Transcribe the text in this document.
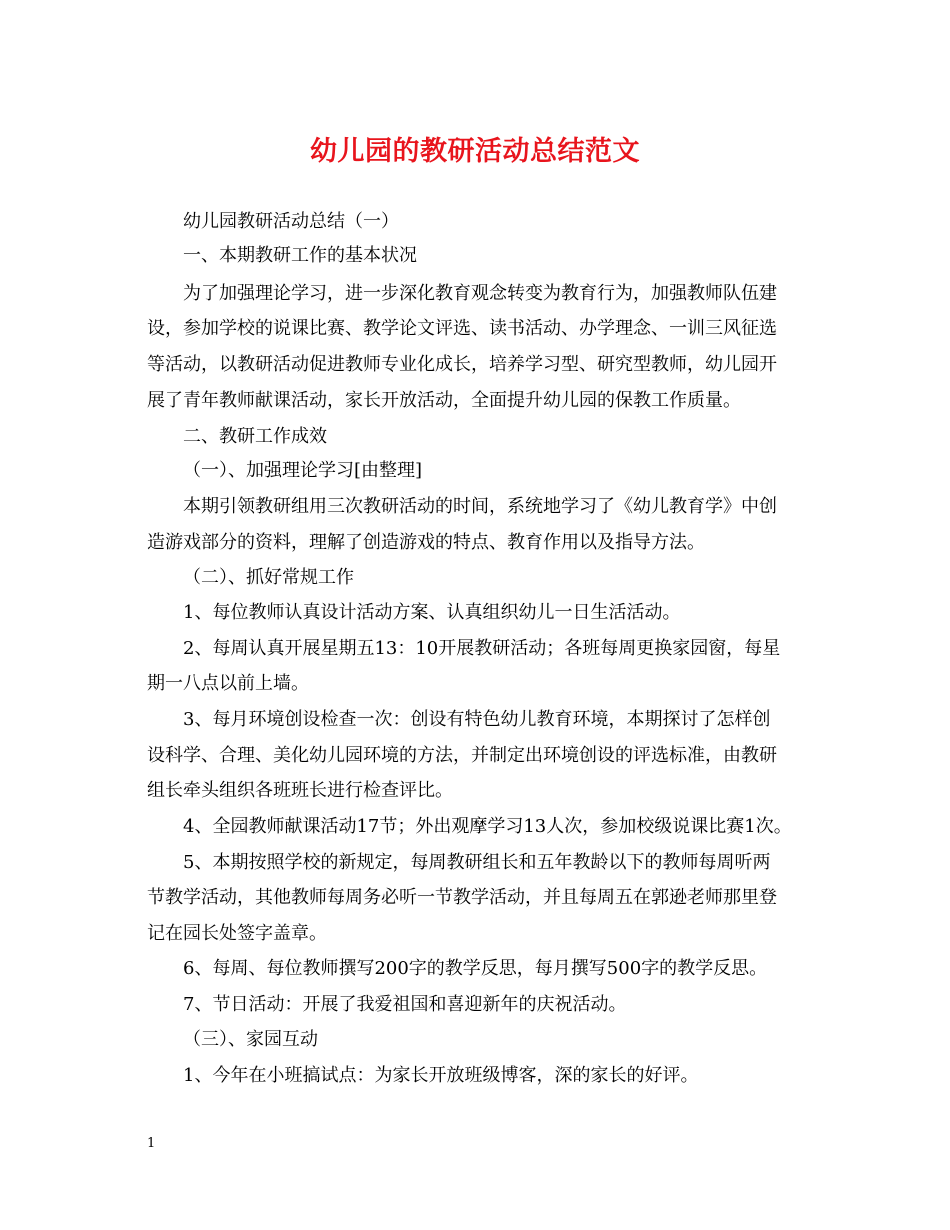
幼儿园的教研活动总结范文
幼儿园教研活动总结（一）
一、本期教研工作的基本状况
为了加强理论学习，进一步深化教育观念转变为教育行为，加强教师队伍建
设，参加学校的说课比赛、教学论文评选、读书活动、办学理念、一训三风征选
等活动，以教研活动促进教师专业化成长，培养学习型、研究型教师，幼儿园开
展了青年教师献课活动，家长开放活动，全面提升幼儿园的保教工作质量。
二、教研工作成效
（一）、加强理论学习[由整理]
本期引领教研组用三次教研活动的时间，系统地学习了《幼儿教育学》中创
造游戏部分的资料，理解了创造游戏的特点、教育作用以及指导方法。
（二）、抓好常规工作
1、每位教师认真设计活动方案、认真组织幼儿一日生活活动。
2、每周认真开展星期五13：10开展教研活动；各班每周更换家园窗，每星
期一八点以前上墙。
3、每月环境创设检查一次：创设有特色幼儿教育环境，本期探讨了怎样创
设科学、合理、美化幼儿园环境的方法，并制定出环境创设的评选标准，由教研
组长牵头组织各班班长进行检查评比。
4、全园教师献课活动17节；外出观摩学习13人次，参加校级说课比赛1次。
5、本期按照学校的新规定，每周教研组长和五年教龄以下的教师每周听两
节教学活动，其他教师每周务必听一节教学活动，并且每周五在郭逊老师那里登
记在园长处签字盖章。
6、每周、每位教师撰写200字的教学反思，每月撰写500字的教学反思。
7、节日活动：开展了我爱祖国和喜迎新年的庆祝活动。
（三）、家园互动
1、今年在小班搞试点：为家长开放班级博客，深的家长的好评。
1
